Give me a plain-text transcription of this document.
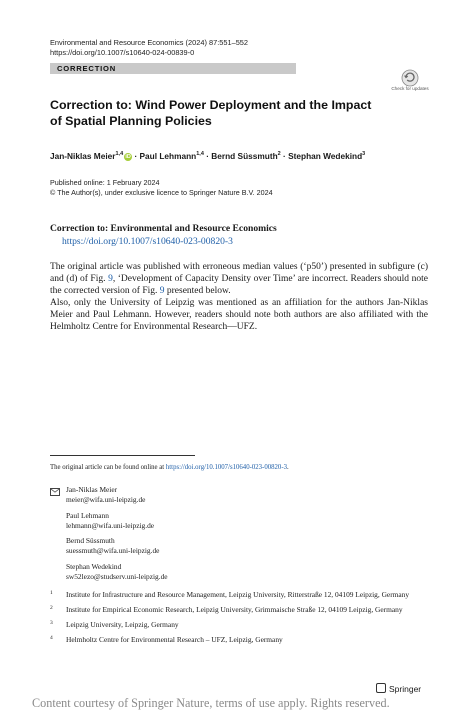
Environmental and Resource Economics (2024) 87:551–552
https://doi.org/10.1007/s10640-024-00839-0
CORRECTION
Check for updates
Correction to: Wind Power Deployment and the Impact of Spatial Planning Policies
Jan‑Niklas Meier$^{1,4}$ iD · Paul Lehmann$^{1,4}$ · Bernd Süssmuth$^2$ · Stephan Wedekind$^3$
Published online: 1 February 2024
© The Author(s), under exclusive licence to Springer Nature B.V. 2024
Correction to: Environmental and Resource Economics
https://doi.org/10.1007/s10640-023-00820-3

The original article was published with erroneous median values (‘p50’) presented in subfigure (c) and (d) of Fig. 9, ‘Development of Capacity Density over Time’ are incorrect. Readers should note the corrected version of Fig. 9 presented below.

Also, only the University of Leipzig was mentioned as an affiliation for the authors Jan-Niklas Meier and Paul Lehmann. However, readers should note both authors are also affiliated with the Helmholtz Centre for Environmental Research—UFZ.

The original article can be found online at https://doi.org/10.1007/s10640-023-00820-3.
Jan-Niklas Meier
meier@wifa.uni-leipzig.de
Paul Lehmann
lehmann@wifa.uni-leipzig.de
Bernd Süssmuth
suessmuth@wifa.uni-leipzig.de
Stephan Wedekind
sw52lezo@studserv.uni-leipzig.de
1 Institute for Infrastructure and Resource Management, Leipzig University, Ritterstraße 12, 04109 Leipzig, Germany
2 Institute for Empirical Economic Research, Leipzig University, Grimmaische Straße 12, 04109 Leipzig, Germany
3 Leipzig University, Leipzig, Germany
4 Helmholtz Centre for Environmental Research – UFZ, Leipzig, Germany
Springer
Content courtesy of Springer Nature, terms of use apply. Rights reserved.
